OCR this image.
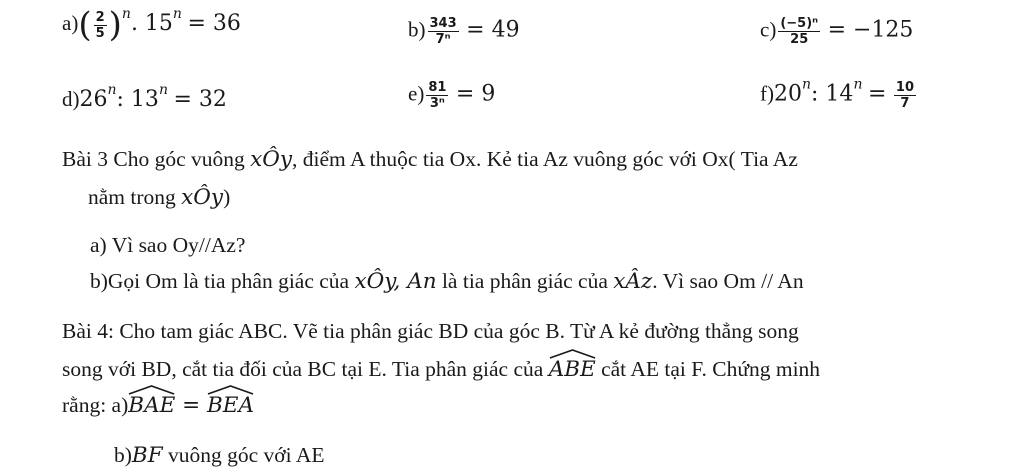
$a)( \frac{2}{5} )^n$. $15^n = 36$	$b) \frac{343}{\text{7ⁿ}} = 49$	$c) \frac{\text{(−5)ⁿ}}{25} = -125$
d)26$^n$: $13^n = 32$	$e) \frac{81}{\text{3ⁿ}} = 9$	f)20$^n$: $14^n = \frac{10}{7}$
Bài 3 Cho góc vuông xÔy, điểm A thuộc tia Ox. Kẻ tia Az vuông góc với Ox( Tia Az
nằm trong xÔy)
a) Vì sao Oy//Az?
b)Gọi Om là tia phân giác của xÔy, An là tia phân giác của xÂz. Vì sao Om // An
Bài 4: Cho tam giác ABC. Vẽ tia phân giác BD của góc B. Từ A kẻ đường thẳng song
song với BD, cắt tia đối của BC tại E. Tia phân giác của
ABE cắt AE tại F. Chứng minh
rằng: a)
BAE =
BEA
b)BF vuông góc với AE
